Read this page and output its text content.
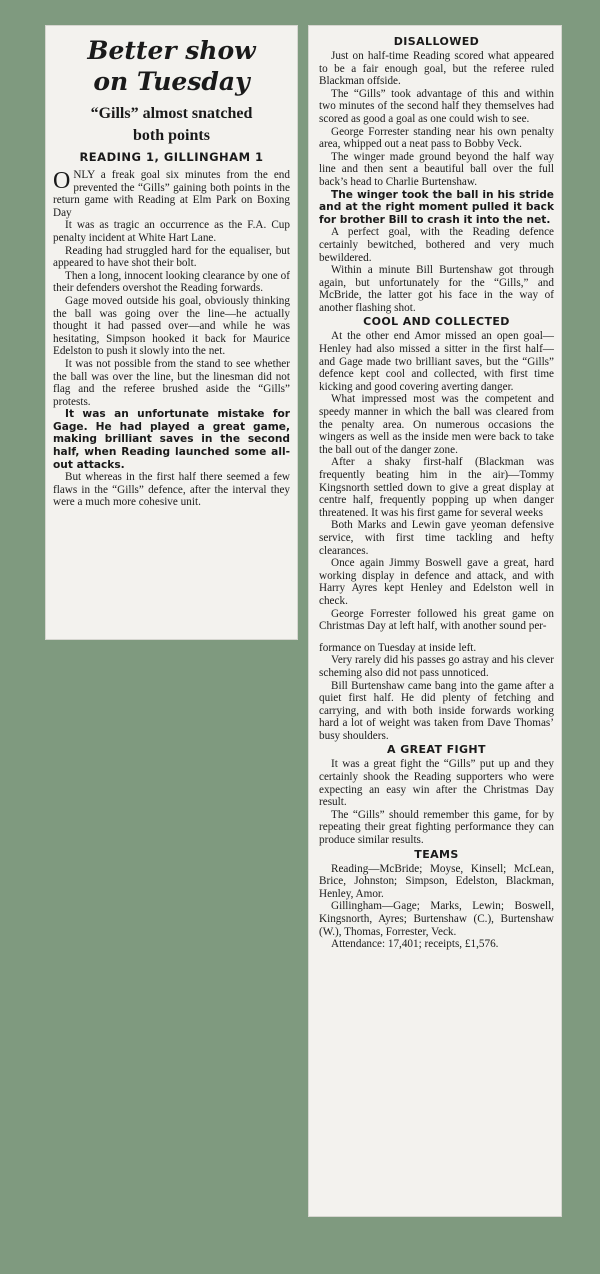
Better show
on Tuesday
“Gills” almost snatched
both points
READING 1, GILLINGHAM 1

ONLY a freak goal six minutes from the end prevented the “Gills” gaining both points in the return game with Reading at Elm Park on Boxing Day

It was as tragic an occurrence as the F.A. Cup penalty incident at White Hart Lane.

Reading had struggled hard for the equaliser, but appeared to have shot their bolt.

Then a long, innocent looking clearance by one of their defenders overshot the Reading forwards.

Gage moved outside his goal, obviously thinking the ball was going over the line—he actually thought it had passed over—and while he was hesitating, Simpson hooked it back for Maurice Edelston to push it slowly into the net.

It was not possible from the stand to see whether the ball was over the line, but the linesman did not flag and the referee brushed aside the “Gills” protests.

It was an unfortunate mistake for Gage. He had played a great game, making brilliant saves in the second half, when Reading launched some all-out attacks.

But whereas in the first half there seemed a few flaws in the “Gills” defence, after the interval they were a much more cohesive unit.

DISALLOWED

Just on half-time Reading scored what appeared to be a fair enough goal, but the referee ruled Blackman offside.

The “Gills” took advantage of this and within two minutes of the second half they themselves had scored as good a goal as one could wish to see.

George Forrester standing near his own penalty area, whipped out a neat pass to Bobby Veck.

The winger made ground beyond the half way line and then sent a beautiful ball over the full back’s head to Charlie Burtenshaw.

The winger took the ball in his stride and at the right moment pulled it back for brother Bill to crash it into the net.

A perfect goal, with the Reading defence certainly bewitched, bothered and very much bewildered.

Within a minute Bill Burtenshaw got through again, but unfortunately for the “Gills,” and McBride, the latter got his face in the way of another flashing shot.

COOL AND COLLECTED

At the other end Amor missed an open goal—Henley had also missed a sitter in the first half—and Gage made two brilliant saves, but the “Gills” defence kept cool and collected, with first time kicking and good covering averting danger.

What impressed most was the competent and speedy manner in which the ball was cleared from the penalty area. On numerous occasions the wingers as well as the inside men were back to take the ball out of the danger zone.

After a shaky first-half (Blackman was frequently beating him in the air)—Tommy Kingsnorth settled down to give a great display at centre half, frequently popping up when danger threatened. It was his first game for several weeks

Both Marks and Lewin gave yeoman defensive service, with first time tackling and hefty clearances.

Once again Jimmy Boswell gave a great, hard working display in defence and attack, and with Harry Ayres kept Henley and Edelston well in check.

George Forrester followed his great game on Christmas Day at left half, with another sound per-

formance on Tuesday at inside left.

Very rarely did his passes go astray and his clever scheming also did not pass unnoticed.

Bill Burtenshaw came bang into the game after a quiet first half. He did plenty of fetching and carrying, and with both inside forwards working hard a lot of weight was taken from Dave Thomas’ busy shoulders.

A GREAT FIGHT

It was a great fight the “Gills” put up and they certainly shook the Reading supporters who were expecting an easy win after the Christmas Day result.

The “Gills” should remember this game, for by repeating their great fighting performance they can produce similar results.

TEAMS

Reading—McBride; Moyse, Kinsell; McLean, Brice, Johnston; Simpson, Edelston, Blackman, Henley, Amor.

Gillingham—Gage; Marks, Lewin; Boswell, Kingsnorth, Ayres; Burtenshaw (C.), Burtenshaw (W.), Thomas, Forrester, Veck.

Attendance: 17,401; receipts, £1,576.
